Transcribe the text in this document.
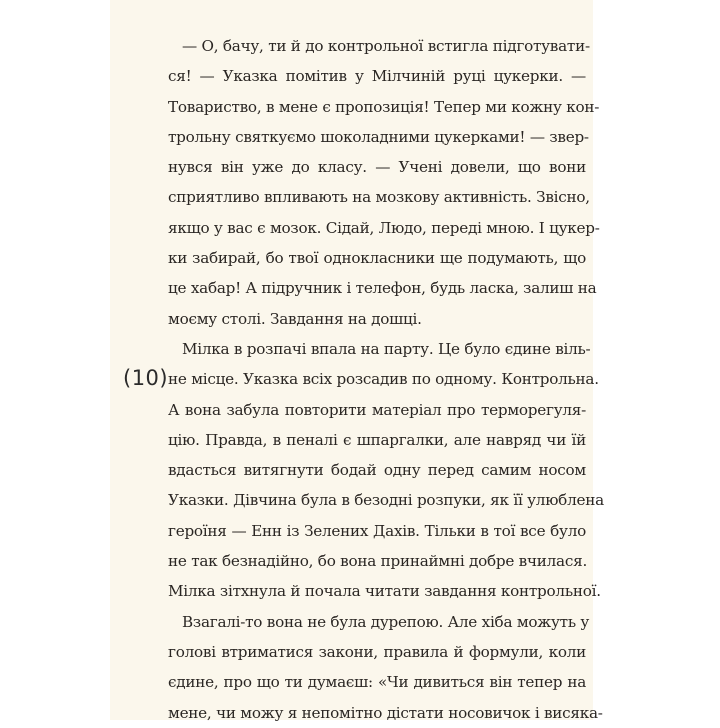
— О, бачу, ти й до контрольної встигла підготувати-
ся! — Указка помітив у Мілчиній руці цукерки. —
Товариство, в мене є пропозиція! Тепер ми кожну кон-
трольну святкуємо шоколадними цукерками! — звер-
нувся він уже до класу. — Учені довели, що вони
сприятливо впливають на мозкову активність. Звісно,
якщо у вас є мозок. Сідай, Людо, переді мною. І цукер-
ки забирай, бо твої однокласники ще подумають, що
це хабар! А підручник і телефон, будь ласка, залиш на
моєму столі. Завдання на дошці.
Мілка в розпачі впала на парту. Це було єдине віль-
не місце. Указка всіх розсадив по одному. Контрольна.
А вона забула повторити матеріал про терморегуля-
цію. Правда, в пеналі є шпаргалки, але навряд чи їй
вдасться витягнути бодай одну перед самим носом
Указки. Дівчина була в безодні розпуки, як її улюблена
героїня — Енн із Зелених Дахів. Тільки в тої все було
не так безнадійно, бо вона принаймні добре вчилася.
Мілка зітхнула й почала читати завдання контрольної.
Взагалі-то вона не була дурепою. Але хіба можуть у
голові втриматися закони, правила й формули, коли
єдине, про що ти думаєш: «Чи дивиться він тепер на
мене, чи можу я непомітно дістати носовичок і висяка-
(10)
